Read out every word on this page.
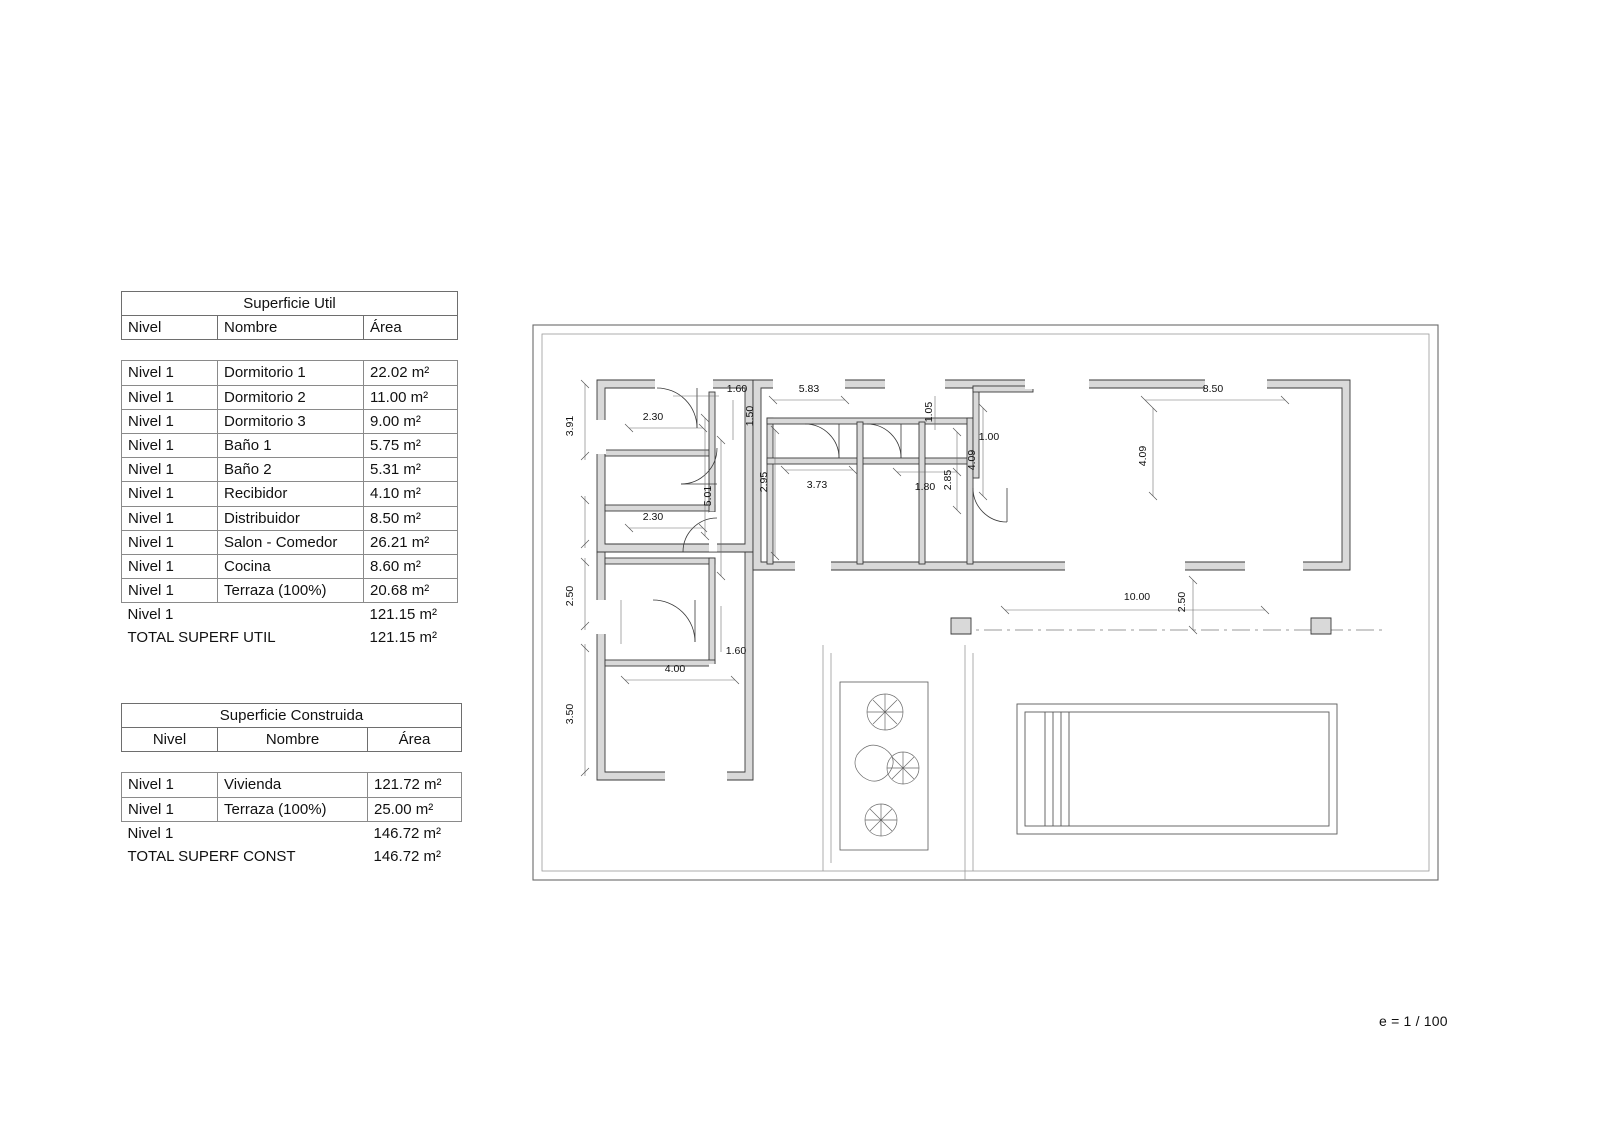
Superficie Util		
Nivel	Nombre	Área

Nivel 1	Dormitorio 1	22.02 m²
Nivel 1	Dormitorio 2	11.00 m²
Nivel 1	Dormitorio 3	9.00 m²
Nivel 1	Baño 1	5.75 m²
Nivel 1	Baño 2	5.31 m²
Nivel 1	Recibidor	4.10 m²
Nivel 1	Distribuidor	8.50 m²
Nivel 1	Salon - Comedor	26.21 m²
Nivel 1	Cocina	8.60 m²
Nivel 1	Terraza (100%)	20.68 m²
Nivel 1		121.15 m²
TOTAL SUPERF UTIL		121.15 m²
Superficie Construida		
Nivel	Nombre	Área

Nivel 1	Vivienda	121.72 m²
Nivel 1	Terraza (100%)	25.00 m²
Nivel 1		146.72 m²
TOTAL SUPERF CONST		146.72 m²
3.91	2.30
2.30
2.50
3.50
4.00
1.60
1.60
1.50
5.83
1.05
1.00
5.01
2.95	3.73	1.80 2.85
4.09	4.09
8.50
10.00 2.50
e = 1 / 100
